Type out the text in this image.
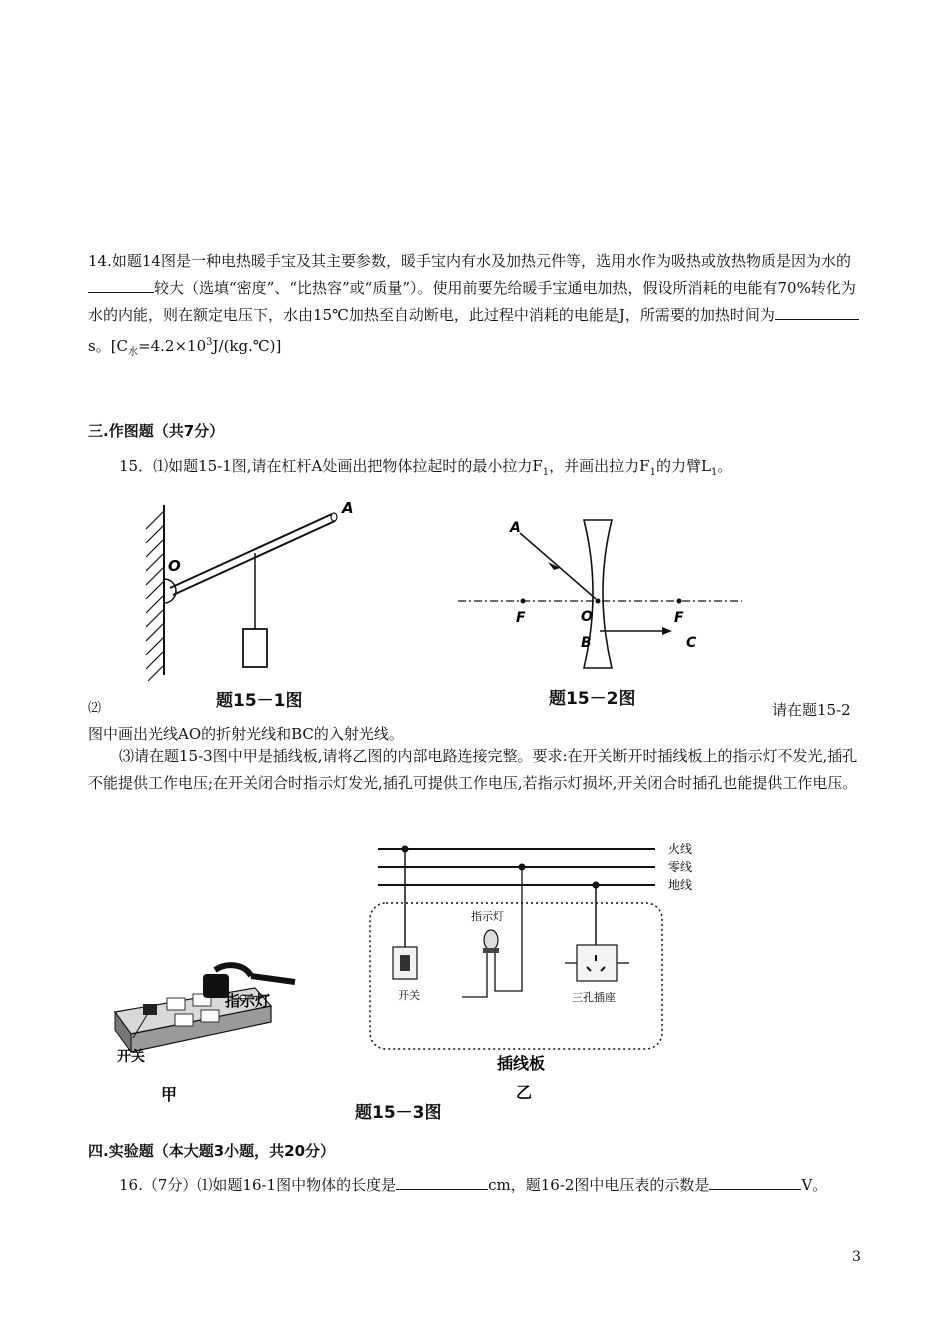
14.如题14图是一种电热暖手宝及其主要参数，暖手宝内有水及加热元件等，选用水作为吸热或放热物质是因为水的较大（选填“密度”、“比热容”或“质量”）。使用前要先给暖手宝通电加热，假设所消耗的电能有70%转化为水的内能，则在额定电压下，水由15℃加热至自动断电，此过程中消耗的电能是J，所需要的加热时间为s。$[C_水=4.2\times 10^3J/(kg.℃)]$
三.作图题（共7分）
15．⑴如题15-1图,请在杠杆A处画出把物体拉起时的最小拉力$F_1$，并画出拉力$F_1$的力臂$L_1$。
A
O
题15－1图
A
O
B	C
F	F
题15－2图
⑵	请在题15-2
图中画出光线AO的折射光线和BC的入射光线。
⑶请在题15-3图中甲是插线板,请将乙图的内部电路连接完整。要求:在开关断开时插线板上的指示灯不发光,插孔不能提供工作电压;在开关闭合时指示灯发光,插孔可提供工作电压,若指示灯损坏,开关闭合时插孔也能提供工作电压。
指示灯
开关
甲
火线
零线
地线
开关
指示灯
三孔插座
插线板
乙
题15－3图
四.实验题（本大题3小题，共20分）
16.（7分）⑴如题16-1图中物体的长度是	cm，题16-2图中电压表的示数是	V。
3
